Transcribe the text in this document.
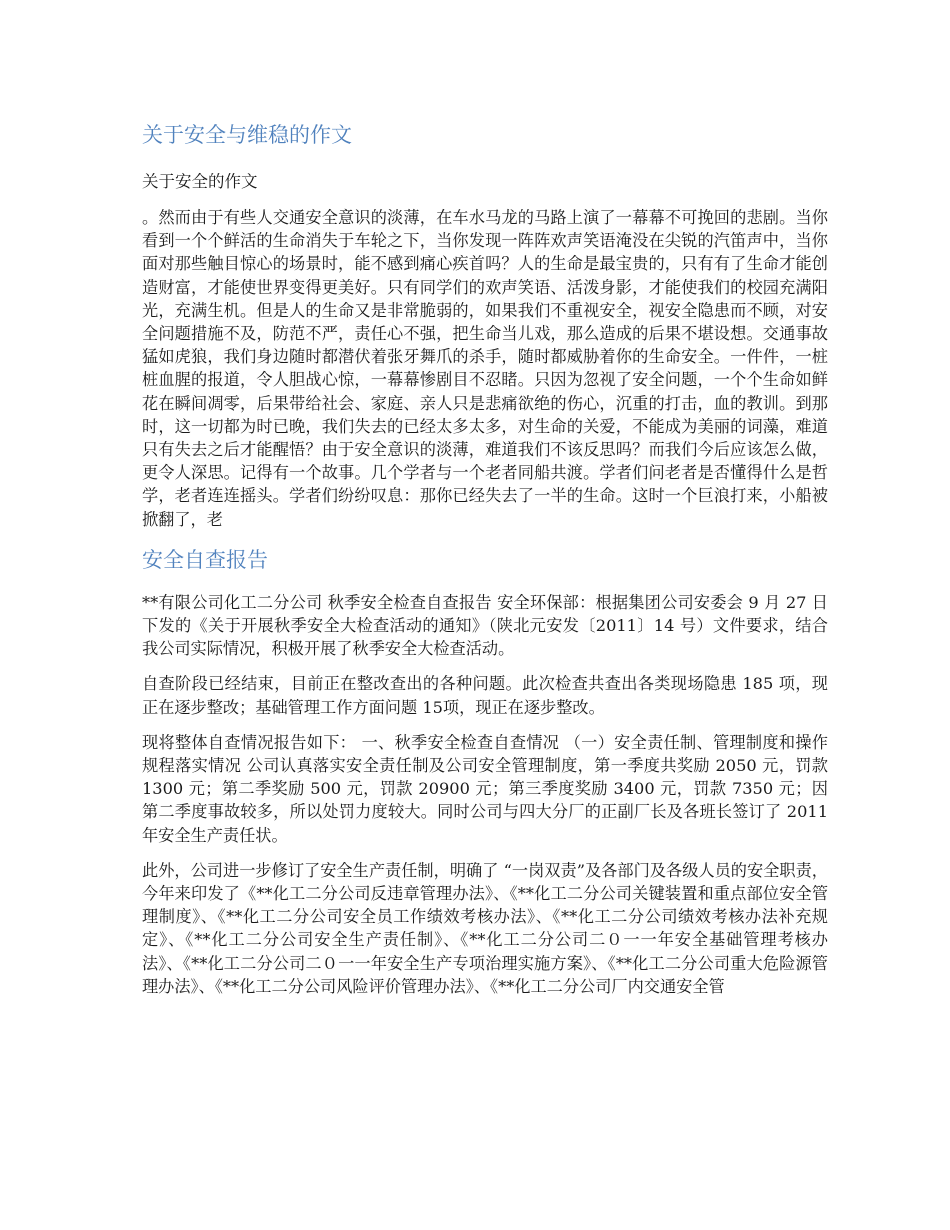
关于安全与维稳的作文
关于安全的作文

。然而由于有些人交通安全意识的淡薄，在车水马龙的马路上演了一幕幕不可挽回的悲剧。当你看到一个个鲜活的生命消失于车轮之下，当你发现一阵阵欢声笑语淹没在尖锐的汽笛声中，当你面对那些触目惊心的场景时，能不感到痛心疾首吗？人的生命是最宝贵的，只有有了生命才能创造财富，才能使世界变得更美好。只有同学们的欢声笑语、活泼身影，才能使我们的校园充满阳光，充满生机。但是人的生命又是非常脆弱的，如果我们不重视安全，视安全隐患而不顾，对安全问题措施不及，防范不严，责任心不强，把生命当儿戏，那么造成的后果不堪设想。交通事故猛如虎狼，我们身边随时都潜伏着张牙舞爪的杀手，随时都威胁着你的生命安全。一件件，一桩桩血腥的报道，令人胆战心惊，一幕幕惨剧目不忍睹。只因为忽视了安全问题，一个个生命如鲜花在瞬间凋零，后果带给社会、家庭、亲人只是悲痛欲绝的伤心，沉重的打击，血的教训。到那时，这一切都为时已晚，我们失去的已经太多太多，对生命的关爱，不能成为美丽的词藻，难道只有失去之后才能醒悟？由于安全意识的淡薄，难道我们不该反思吗？而我们今后应该怎么做，更令人深思。记得有一个故事。几个学者与一个老者同船共渡。学者们问老者是否懂得什么是哲学，老者连连摇头。学者们纷纷叹息：那你已经失去了一半的生命。这时一个巨浪打来，小船被掀翻了，老

安全自查报告

**有限公司化工二分公司 秋季安全检查自查报告 安全环保部：根据集团公司安委会 9 月 27 日下发的《关于开展秋季安全大检查活动的通知》（陕北元安发〔2011〕14 号）文件要求，结合我公司实际情况，积极开展了秋季安全大检查活动。

自查阶段已经结束，目前正在整改查出的各种问题。此次检查共查出各类现场隐患 185 项，现正在逐步整改；基础管理工作方面问题 15项，现正在逐步整改。

现将整体自查情况报告如下： 一、秋季安全检查自查情况 （一）安全责任制、管理制度和操作规程落实情况 公司认真落实安全责任制及公司安全管理制度，第一季度共奖励 2050 元，罚款 1300 元；第二季奖励 500 元，罚款 20900 元；第三季度奖励 3400 元，罚款 7350 元；因第二季度事故较多，所以处罚力度较大。同时公司与四大分厂的正副厂长及各班长签订了 2011 年安全生产责任状。

此外，公司进一步修订了安全生产责任制，明确了 “一岗双责”及各部门及各级人员的安全职责， 今年来印发了《**化工二分公司反违章管理办法》、《**化工二分公司关键装置和重点部位安全管理制度》、《**化工二分公司安全员工作绩效考核办法》、《**化工二分公司绩效考核办法补充规定》、《**化工二分公司安全生产责任制》、《**化工二分公司二０一一年安全基础管理考核办法》、《**化工二分公司二０一一年安全生产专项治理实施方案》、《**化工二分公司重大危险源管理办法》、《**化工二分公司风险评价管理办法》、《**化工二分公司厂内交通安全管
